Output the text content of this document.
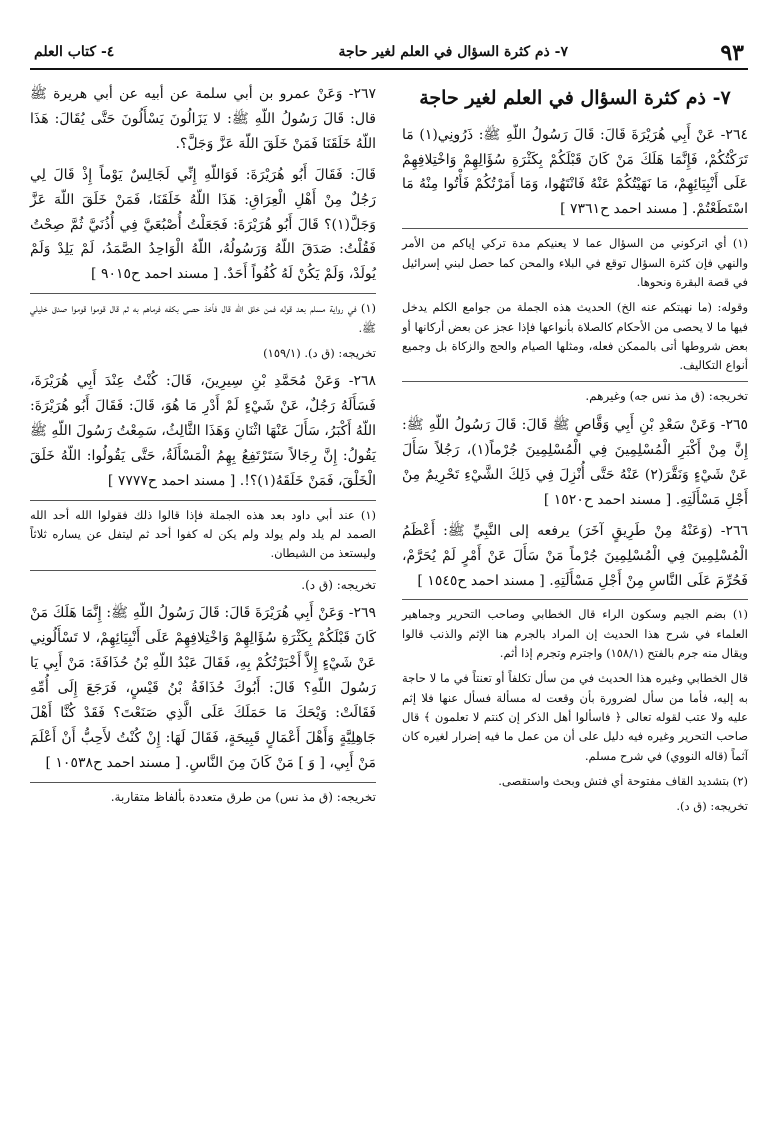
٩٣
٧- ذم كثرة السؤال في العلم لغير حاجة
٤- كتاب العلم
٧- ذم كثرة السؤال في العلم لغير حاجة

٢٦٤- عَنْ أَبِي هُرَيْرَةَ قَالَ: قَالَ رَسُولُ اللّهِ ﷺ: ذَرُونِي(١) مَا تَرَكْتُكُمْ، فَإِنَّمَا هَلَكَ مَنْ كَانَ قَبْلَكُمْ بِكَثْرَةِ سُؤَالِهِمْ وَاخْتِلافِهِمْ عَلَى أَنْبِيَائِهِمْ، مَا نَهَيْتُكُمْ عَنْهُ فَانْتَهُوا، وَمَا أَمَرْتُكُمْ فَأْتُوا مِنْهُ مَا اسْتَطَعْتُمْ. [ مسند احمد ح٧٣٦١ ]

(١) أي اتركوني من السؤال عما لا يعنيكم مدة تركي إياكم من الأمر والنهي فإن كثرة السؤال توقع في البلاء والمحن كما حصل لبني إسرائيل في قصة البقرة ونحوها.

وقوله: (ما نهيتكم عنه الخ) الحديث هذه الجملة من جوامع الكلم يدخل فيها ما لا يحصى من الأحكام كالصلاة بأنواعها فإذا عجز عن بعض أركانها أو بعض شروطها أتى بالممكن فعله، ومثلها الصيام والحج والزكاة بل وجميع أنواع التكاليف.

تخريجه: (ق مذ نس جه) وغيرهم.

٢٦٥- وَعَنْ سَعْدِ بْنِ أَبِي وَقَّاصٍ ﷺ قَالَ: قَالَ رَسُولُ اللّهِ ﷺ: إِنَّ مِنْ أَكْبَرِ الْمُسْلِمِينَ فِي الْمُسْلِمِينَ جُرْماً(١)، رَجُلاً سَأَلَ عَنْ شَيْءٍ وَنَقَّرَ(٢) عَنْهُ حَتَّى أُنْزِلَ فِي ذَلِكَ الشَّيْءِ تَحْرِيمٌ مِنْ أَجْلِ مَسْأَلَتِهِ. [ مسند احمد ح١٥٢٠ ]

٢٦٦- (وَعَنْهُ مِنْ طَرِيقٍ آخَرَ) يرفعه إلى النَّبِيِّ ﷺ: أَعْظَمُ الْمُسْلِمِينَ فِي الْمُسْلِمِينَ جُرْماً مَنْ سَأَلَ عَنْ أَمْرٍ لَمْ يُحَرَّمْ، فَحُرِّمَ عَلَى النَّاسِ مِنْ أَجْلِ مَسْأَلَتِهِ. [ مسند احمد ح١٥٤٥ ]

(١) بضم الجيم وسكون الراء قال الخطابي وصاحب التحرير وجماهير العلماء في شرح هذا الحديث إن المراد بالجرم هنا الإثم والذنب قالوا ويقال منه جرم بالفتح (١٥٨/١) واجترم وتجرم إذا أثم.

قال الخطابي وغيره هذا الحديث في من سأل تكلفاً أو تعنتاً في ما لا حاجة به إليه، فأما من سأل لضرورة بأن وقعت له مسألة فسأل عنها فلا إثم عليه ولا عتب لقوله تعالى ﴿ فاسألوا أهل الذكر إن كنتم لا تعلمون ﴾ قال صاحب التحرير وغيره فيه دليل على أن من عمل ما فيه إضرار لغيره كان آثماً (قاله النووي) في شرح مسلم.

(٢) بتشديد القاف مفتوحة أي فتش وبحث واستقصى.

تخريجه: (ق د).

٢٦٧- وَعَنْ عمرو بن أبي سلمة عن أبيه عن أبي هريرة ﷺ قال: قَالَ رَسُولُ اللّهِ ﷺ: لا يَزَالُونَ يَسْأَلُونَ حَتَّى يُقَالَ: هَذَا اللّهُ خَلَقَنَا فَمَنْ خَلَقَ اللّهَ عَزَّ وَجَلَّ؟.

قَالَ: فَقَالَ أَبُو هُرَيْرَةَ: فَوَاللّهِ إِنِّي لَجَالِسٌ يَوْماً إِذْ قَالَ لِي رَجُلٌ مِنْ أَهْلِ الْعِرَاقِ: هَذَا اللّهُ خَلَقَنَا، فَمَنْ خَلَقَ اللّهَ عَزَّ وَجَلَّ(١)؟ قَالَ أَبُو هُرَيْرَةَ: فَجَعَلْتُ أُصْبُعَيَّ فِي أُذُنَيَّ ثُمَّ صِحْتُ فَقُلْتُ: صَدَقَ اللّهُ وَرَسُولُهُ، اللّهُ الْوَاحِدُ الصَّمَدُ، لَمْ يَلِدْ وَلَمْ يُولَدْ، وَلَمْ يَكُنْ لَهُ كُفُواً أَحَدٌ. [ مسند احمد ح٩٠١٥ ]

(١) في رواية مسلم بعد قوله فمن خلق الله قال فأخذ حصى بكفه فرماهم به ثم قال قوموا قوموا صدق خليلي ﷺ.

تخريجه: (ق د). (١٥٩/١)

٢٦٨- وَعَنْ مُحَمَّدِ بْنِ سِيرِينَ، قَالَ: كُنْتُ عِنْدَ أَبِي هُرَيْرَةَ، فَسَأَلَهُ رَجُلٌ، عَنْ شَيْءٍ لَمْ أَدْرِ مَا هُوَ، قَالَ: فَقَالَ أَبُو هُرَيْرَةَ: اللّهُ أَكْبَرُ، سَأَلَ عَنْهَا اثْنَانِ وَهَذَا الثَّالِثُ، سَمِعْتُ رَسُولَ اللّهِ ﷺ يَقُولُ: إِنَّ رِجَالاً سَتَرْتَفِعُ بِهِمُ الْمَسْأَلَةُ، حَتَّى يَقُولُوا: اللّهُ خَلَقَ الْخَلْقَ، فَمَنْ خَلَقَهُ(١)؟!. [ مسند احمد ح٧٧٧٧ ]

(١) عند أبي داود بعد هذه الجملة فإذا قالوا ذلك فقولوا الله أحد الله الصمد لم يلد ولم يولد ولم يكن له كفوا أحد ثم ليتفل عن يساره ثلاثاً وليستعذ من الشيطان.

تخريجه: (ق د).

٢٦٩- وَعَنْ أَبِي هُرَيْرَةَ قَالَ: قَالَ رَسُولُ اللّهِ ﷺ: إِنَّمَا هَلَكَ مَنْ كَانَ قَبْلَكُمْ بِكَثْرَةِ سُؤَالِهِمْ وَاخْتِلافِهِمْ عَلَى أَنْبِيَائِهِمْ، لا تَسْأَلُونِي عَنْ شَيْءٍ إِلاَّ أَخْبَرْتُكُمْ بِهِ، فَقَالَ عَبْدُ اللّهِ بْنُ حُذَافَةَ: مَنْ أَبِي يَا رَسُولَ اللّهِ؟ قَالَ: أَبُوكَ حُذَافَةُ بْنُ قَيْسٍ، فَرَجَعَ إِلَى أُمِّهِ فَقَالَتْ: وَيْحَكَ مَا حَمَلَكَ عَلَى الَّذِي صَنَعْتَ؟ فَقَدْ كُنَّا أَهْلَ جَاهِلِيَّةٍ وَأَهْلَ أَعْمَالٍ قَبِيحَةٍ، فَقَالَ لَهَا: إِنْ كُنْتُ لأَحِبُّ أَنْ أَعْلَمَ مَنْ أَبِي، [ وَ ] مَنْ كَانَ مِنَ النَّاسِ. [ مسند احمد ح١٠٥٣٨ ]

تخريجه: (ق مذ نس) من طرق متعددة بألفاظ متقاربة.
